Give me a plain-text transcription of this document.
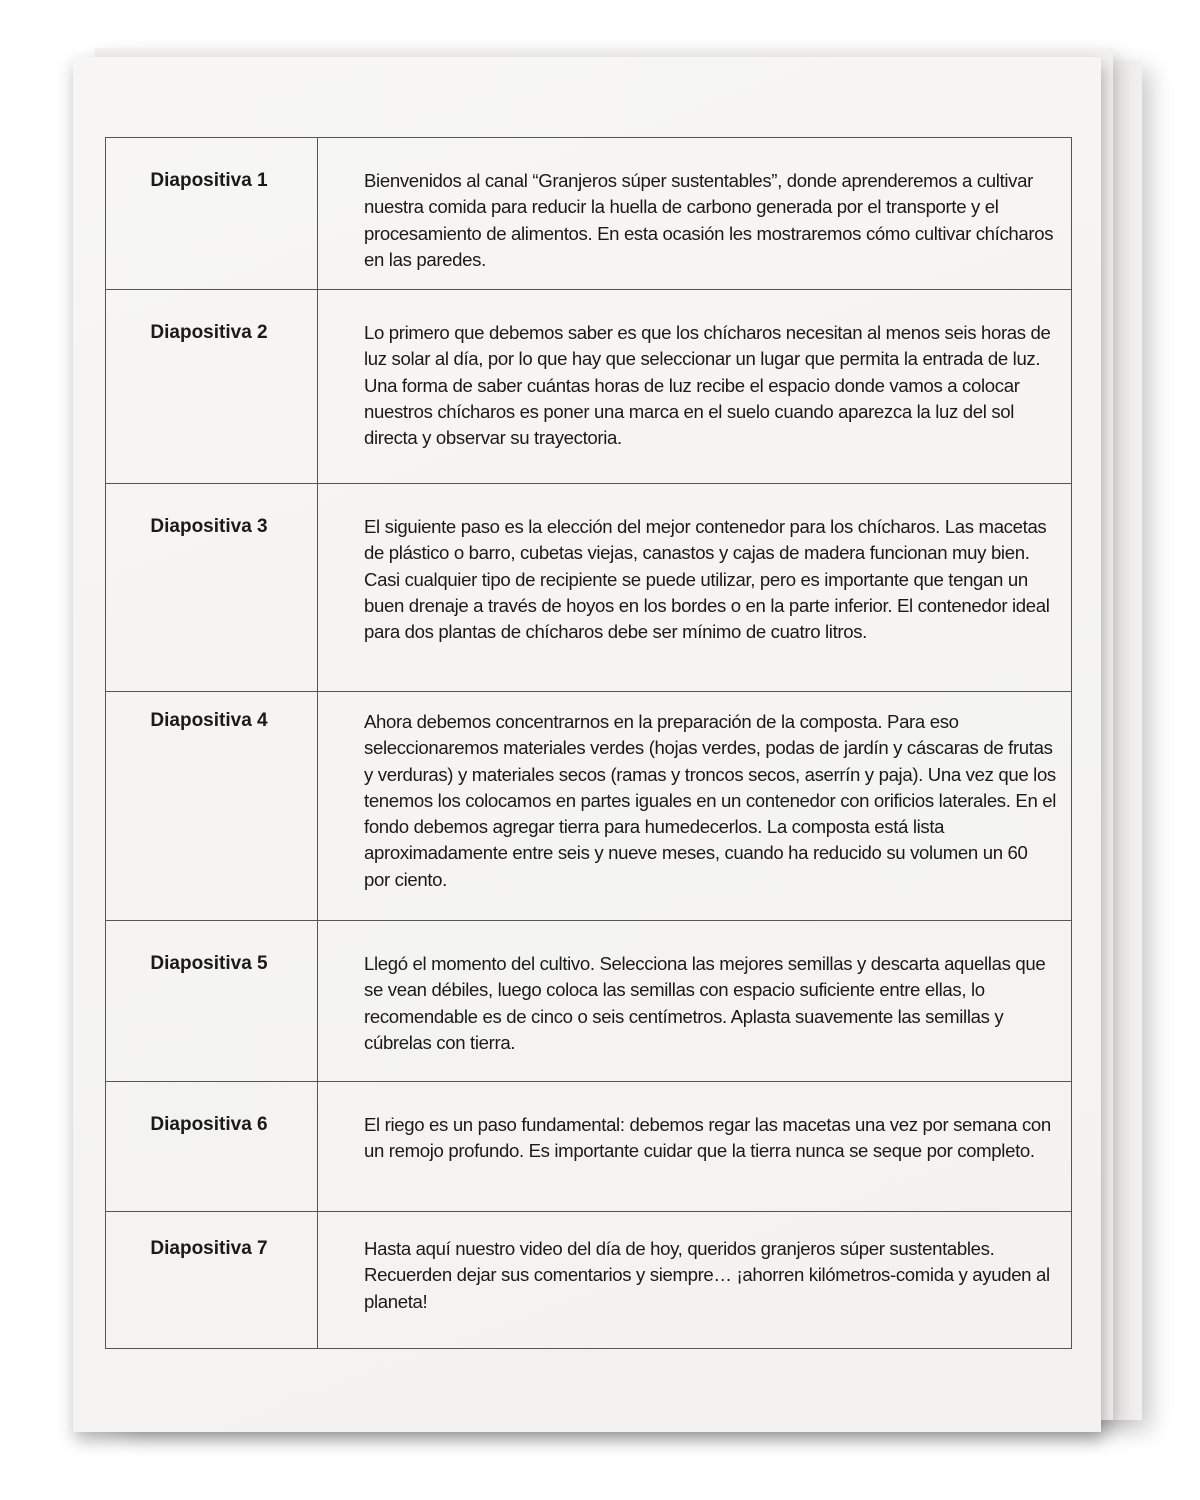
Diapositiva 1	Bienvenidos al canal “Granjeros súper sustentables”, donde aprenderemos a cultivar nuestra comida para reducir la huella de carbono generada por el transporte y el procesamiento de alimentos. En esta ocasión les mostraremos cómo cultivar chícharos en las paredes.
Diapositiva 2	Lo primero que debemos saber es que los chícharos necesitan al menos seis horas de luz solar al día, por lo que hay que seleccionar un lugar que permita la entrada de luz. Una forma de saber cuántas horas de luz recibe el espacio donde vamos a colocar nuestros chícharos es poner una marca en el suelo cuando aparezca la luz del sol directa y observar su trayectoria.
Diapositiva 3	El siguiente paso es la elección del mejor contenedor para los chícharos. Las macetas de plástico o barro, cubetas viejas, canastos y cajas de madera funcionan muy bien. Casi cualquier tipo de recipiente se puede utilizar, pero es importante que tengan un buen drenaje a través de hoyos en los bordes o en la parte inferior. El contenedor ideal para dos plantas de chícharos debe ser mínimo de cuatro litros.
Diapositiva 4	Ahora debemos concentrarnos en la preparación de la composta. Para eso seleccionaremos materiales verdes (hojas verdes, podas de jardín y cáscaras de frutas y verduras) y materiales secos (ramas y troncos secos, aserrín y paja). Una vez que los tenemos los colocamos en partes iguales en un contenedor con orificios laterales. En el fondo debemos agregar tierra para humedecerlos. La composta está lista aproximadamente entre seis y nueve meses, cuando ha reducido su volumen un 60 por ciento.
Diapositiva 5	Llegó el momento del cultivo. Selecciona las mejores semillas y descarta aquellas que se vean débiles, luego coloca las semillas con espacio suficiente entre ellas, lo recomendable es de cinco o seis centímetros. Aplasta suavemente las semillas y cúbrelas con tierra.
Diapositiva 6	El riego es un paso fundamental: debemos regar las macetas una vez por semana con un remojo profundo. Es importante cuidar que la tierra nunca se seque por completo.
Diapositiva 7	Hasta aquí nuestro video del día de hoy, queridos granjeros súper sustentables. Recuerden dejar sus comentarios y siempre… ¡ahorren kilómetros-comida y ayuden al planeta!
